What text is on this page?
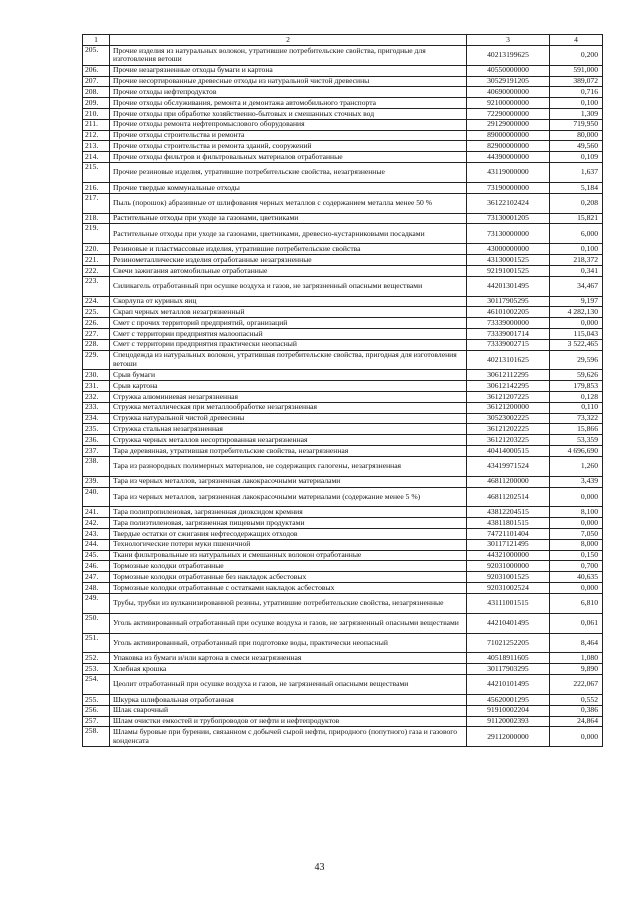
1	2	3	4
205.	Прочие изделия из натуральных волокон, утратившие потребительские свойства, пригодные для изготовления ветоши	40213199625	0,200
206.	Прочие незагрязненные отходы бумаги и картона	40550000000	591,000
207.	Прочие несортированные древесные отходы из натуральной чистой древесины	30529191205	389,072
208.	Прочие отходы нефтепродуктов	40690000000	0,716
209.	Прочие отходы обслуживания, ремонта и демонтажа автомобильного транспорта	92100000000	0,100
210.	Прочие отходы при обработке хозяйственно-бытовых и смешанных сточных вод	72290000000	1,309
211.	Прочие отходы ремонта нефтепромыслового оборудования	29129000000	719,950
212.	Прочие отходы строительства и ремонта	89000000000	80,000
213.	Прочие отходы строительства и ремонта зданий, сооружений	82900000000	49,560
214.	Прочие отходы фильтров и фильтровальных материалов отработанные	44390000000	0,109
215.	Прочие резиновые изделия, утратившие потребительские свойства, незагрязненные	43119000000	1,637
216.	Прочие твердые коммунальные отходы	73190000000	5,184
217.	Пыль (порошок) абразивные от шлифования черных металлов с содержанием металла менее 50 %	36122102424	0,208
218.	Растительные отходы при уходе за газонами, цветниками	73130001205	15,821
219.	Растительные отходы при уходе за газонами, цветниками, древесно-кустарниковыми посадками	73130000000	6,000
220.	Резиновые и пластмассовые изделия, утратившие потребительские свойства	43000000000	0,100
221.	Резинометаллические изделия отработанные незагрязненные	43130001525	218,372
222.	Свечи зажигания автомобильные отработанные	92191001525	0,341
223.	Силикагель отработанный при осушке воздуха и газов, не загрязненный опасными веществами	44201301495	34,467
224.	Скорлупа от куриных яиц	30117905295	9,197
225.	Скрап черных металлов незагрязненный	46101002205	4 282,130
226.	Смет с прочих территорий предприятий, организаций	73339000000	0,000
227.	Смет с территории предприятия малоопасный	73339001714	115,043
228.	Смет с территории предприятия практически неопасный	73339002715	3 522,465
229.	Спецодежда из натуральных волокон, утратившая потребительские свойства, пригодная для изготовления ветоши	40213101625	29,596
230.	Срыв бумаги	30612112295	59,626
231.	Срыв картона	30612142295	179,853
232.	Стружка алюминиевая незагрязненная	36121207225	0,128
233.	Стружка металлическая при металлообработке незагрязненная	36121200000	0,110
234.	Стружка натуральной чистой древесины	30523002225	73,322
235.	Стружка стальная незагрязненная	36121202225	15,866
236.	Стружка черных металлов несортированная незагрязненная	36121203225	53,359
237.	Тара деревянная, утратившая потребительские свойства, незагрязненная	40414000515	4 696,690
238.	Тара из разнородных полимерных материалов, не содержащих галогены, незагрязненная	43419971524	1,260
239.	Тара из черных металлов, загрязненная лакокрасочными материалами	46811200000	3,439
240.	Тара из черных металлов, загрязненная лакокрасочными материалами (содержание менее 5 %)	46811202514	0,000
241.	Тара полипропиленовая, загрязненная диоксидом кремния	43812204515	8,100
242.	Тара полиэтиленовая, загрязненная пищевыми продуктами	43811801515	0,000
243.	Твердые остатки от сжигания нефтесодержащих отходов	74721101404	7,050
244.	Технологические потери муки пшеничной	30117121495	8,000
245.	Ткани фильтровальные из натуральных и смешанных волокон отработанные	44321000000	0,150
246.	Тормозные колодки отработанные	92031000000	0,700
247.	Тормозные колодки отработанные без накладок асбестовых	92031001525	40,635
248.	Тормозные колодки отработанные с остатками накладок асбестовых	92031002524	0,000
249.	Трубы, трубки из вулканизированной резины, утратившие потребительские свойства, незагрязненные	43111001515	6,810
250.	Уголь активированный отработанный при осушке воздуха и газов, не загрязненный опасными веществами	44210401495	0,061
251.	Уголь активированный, отработанный при подготовке воды, практически неопасный	71021252205	8,464
252.	Упаковка из бумаги и/или картона в смеси незагрязненная	40518911605	1,080
253.	Хлебная крошка	30117903295	9,890
254.	Цеолит отработанный при осушке воздуха и газов, не загрязненный опасными веществами	44210101495	222,067
255.	Шкурка шлифовальная отработанная	45620001295	0,552
256.	Шлак сварочный	91910002204	0,386
257.	Шлам очистки емкостей и трубопроводов от нефти и нефтепродуктов	91120002393	24,864
258.	Шламы буровые при бурении, связанном с добычей сырой нефти, природного (попутного) газа и газового конденсата	29112000000	0,000
43
